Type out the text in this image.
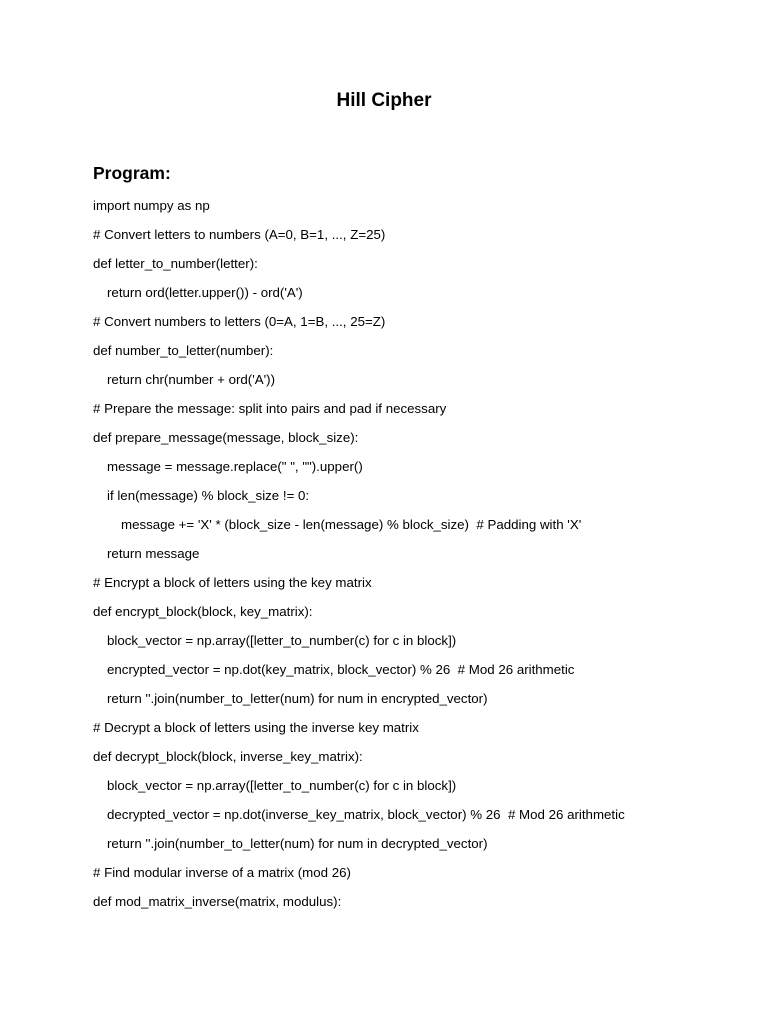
Hill Cipher
Program:
import numpy as np
# Convert letters to numbers (A=0, B=1, ..., Z=25)
def letter_to_number(letter):
return ord(letter.upper()) - ord('A')
# Convert numbers to letters (0=A, 1=B, ..., 25=Z)
def number_to_letter(number):
return chr(number + ord('A'))
# Prepare the message: split into pairs and pad if necessary
def prepare_message(message, block_size):
message = message.replace(" ", "").upper()
if len(message) % block_size != 0:
message += 'X' * (block_size - len(message) % block_size)  # Padding with 'X'
return message
# Encrypt a block of letters using the key matrix
def encrypt_block(block, key_matrix):
block_vector = np.array([letter_to_number(c) for c in block])
encrypted_vector = np.dot(key_matrix, block_vector) % 26  # Mod 26 arithmetic
return ''.join(number_to_letter(num) for num in encrypted_vector)
# Decrypt a block of letters using the inverse key matrix
def decrypt_block(block, inverse_key_matrix):
block_vector = np.array([letter_to_number(c) for c in block])
decrypted_vector = np.dot(inverse_key_matrix, block_vector) % 26  # Mod 26 arithmetic
return ''.join(number_to_letter(num) for num in decrypted_vector)
# Find modular inverse of a matrix (mod 26)
def mod_matrix_inverse(matrix, modulus):
